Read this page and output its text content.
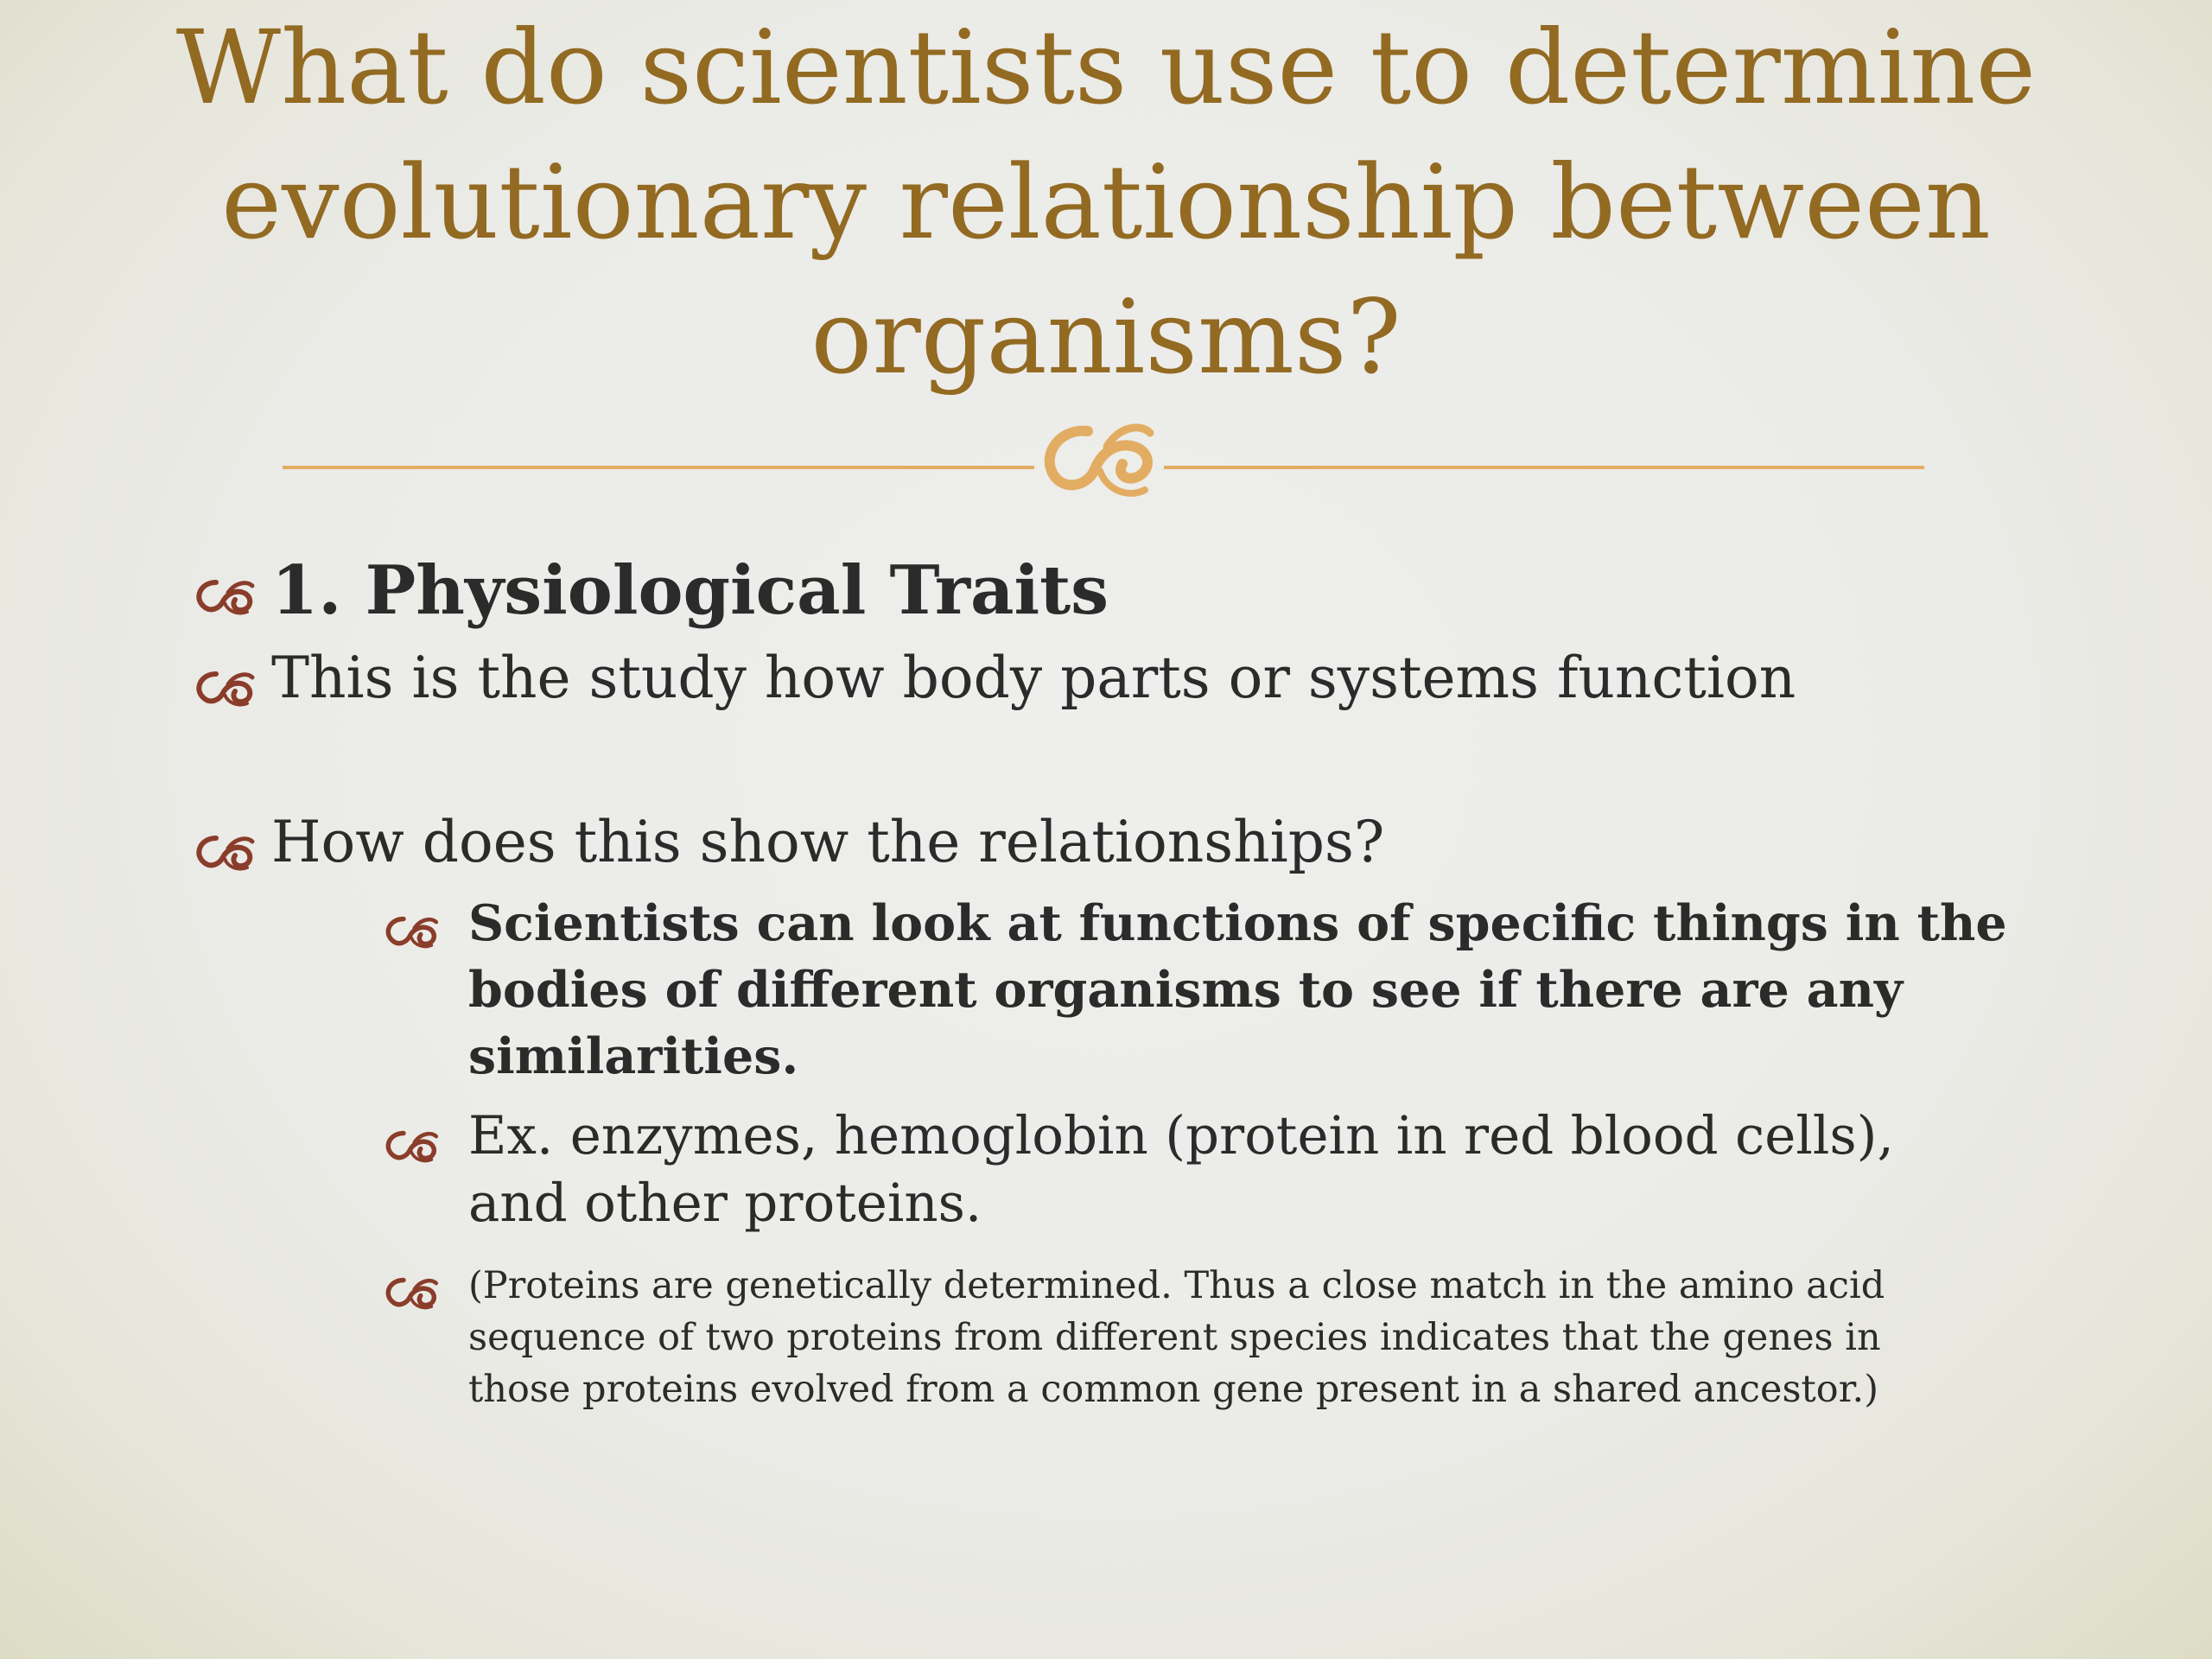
What do scientists use to determine
evolutionary relationship between
organisms?
1. Physiological Traits
This is the study how body parts or systems function
How does this show the relationships?
Scientists can look at functions of specific things in the
bodies of different organisms to see if there are any
similarities.
Ex. enzymes, hemoglobin (protein in red blood cells),
and other proteins.
(Proteins are genetically determined. Thus a close match in the amino acid
sequence of two proteins from different species indicates that the genes in
those proteins evolved from a common gene present in a shared ancestor.)
